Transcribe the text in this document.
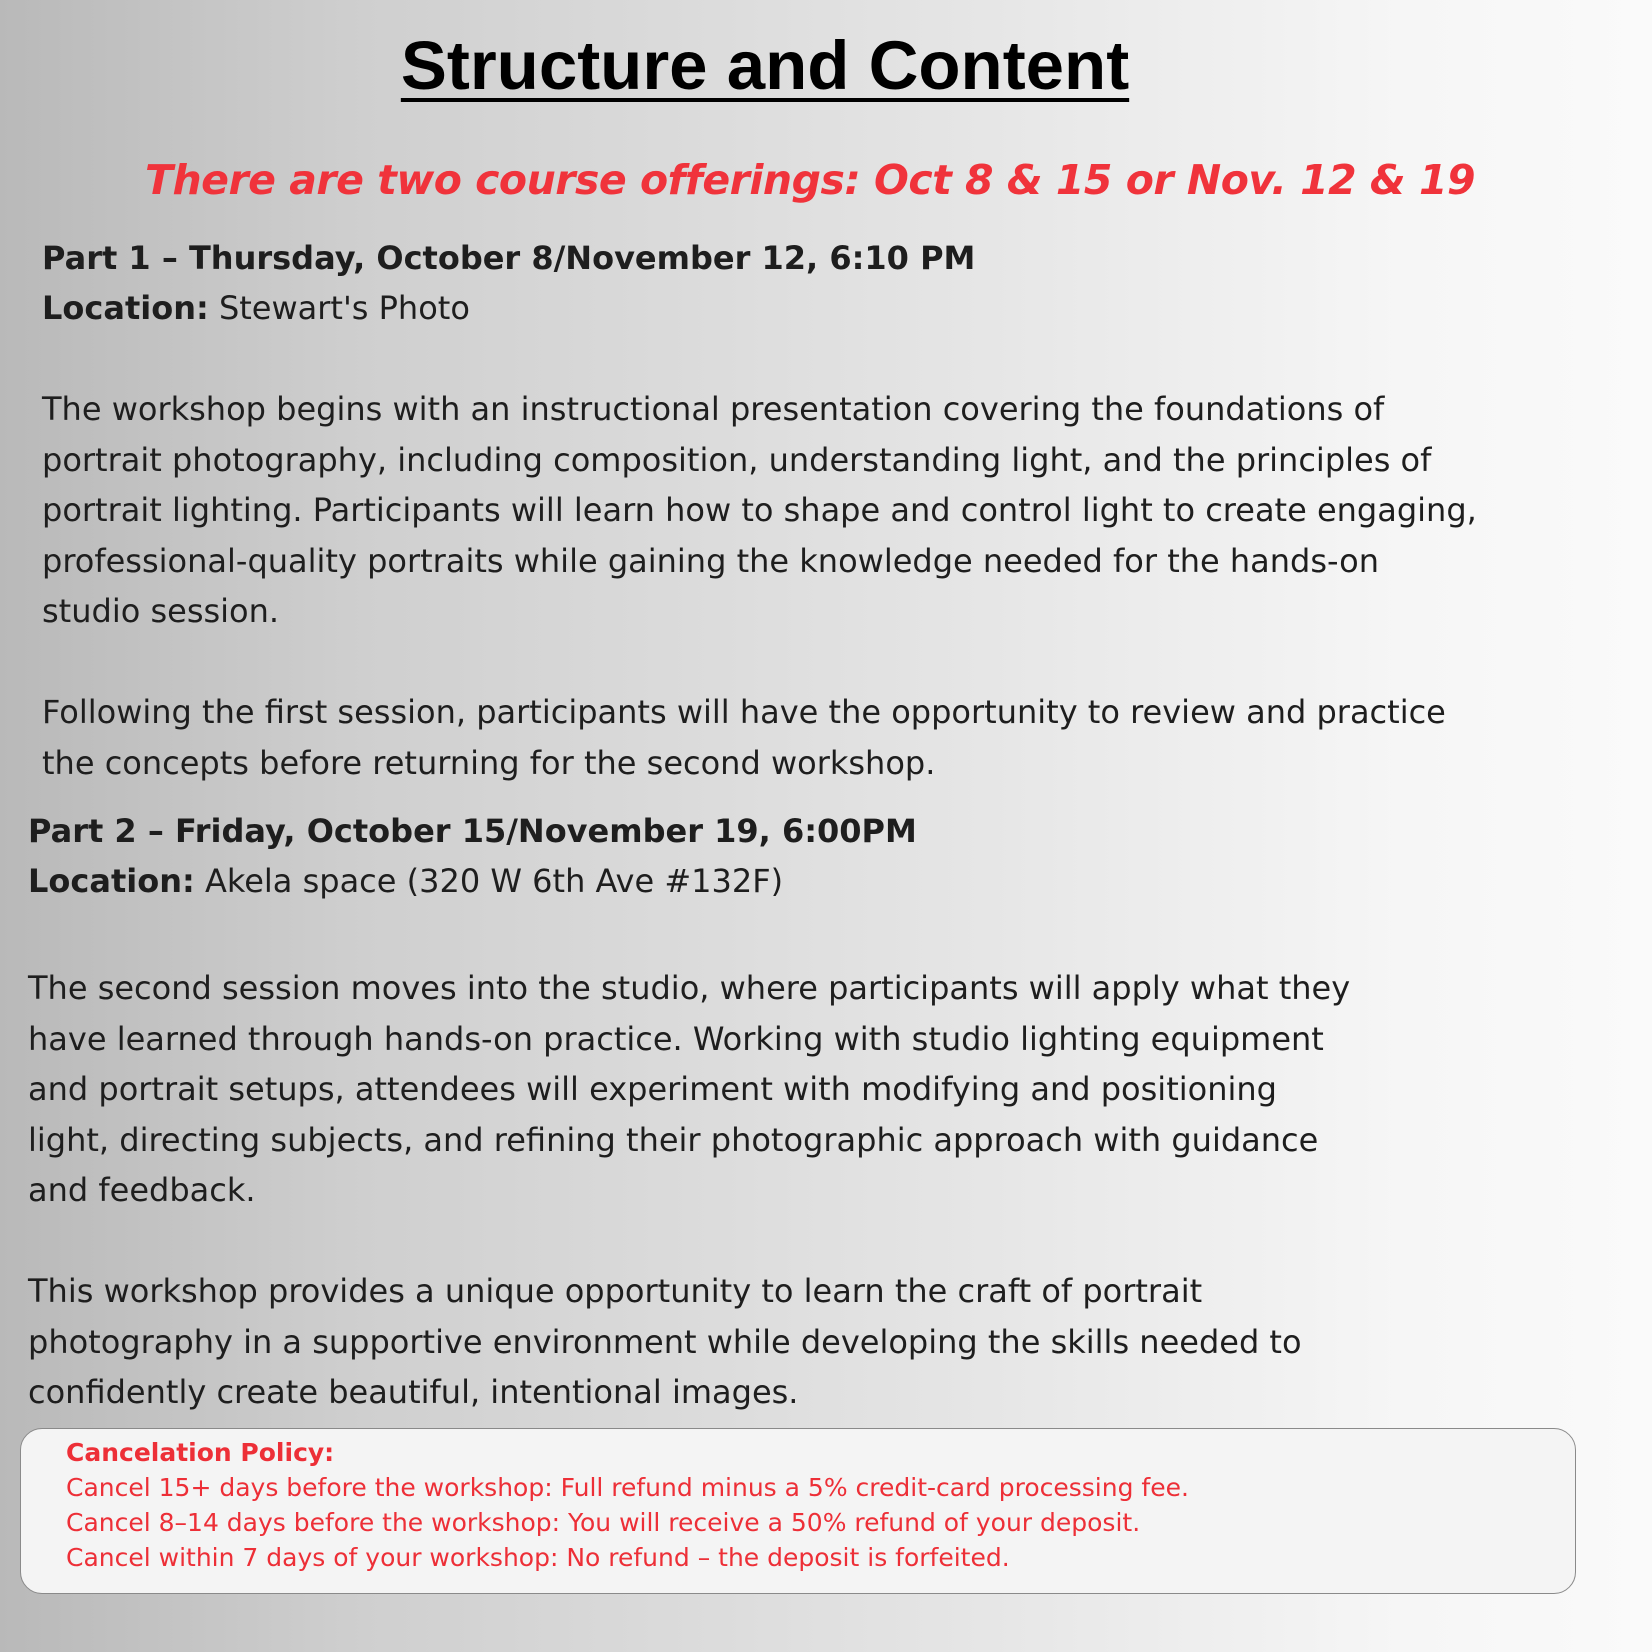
Structure and Content
There are two course offerings: Oct 8 & 15 or Nov. 12 & 19
Part 1 – Thursday, October 8/November 12, 6:10 PM
Location: Stewart's Photo
The workshop begins with an instructional presentation covering the foundations of
portrait photography, including composition, understanding light, and the principles of
portrait lighting. Participants will learn how to shape and control light to create engaging,
professional-quality portraits while gaining the knowledge needed for the hands-on
studio session.
Following the first session, participants will have the opportunity to review and practice
the concepts before returning for the second workshop.
Part 2 – Friday, October 15/November 19, 6:00PM
Location: Akela space (320 W 6th Ave #132F)
The second session moves into the studio, where participants will apply what they
have learned through hands-on practice. Working with studio lighting equipment
and portrait setups, attendees will experiment with modifying and positioning
light, directing subjects, and refining their photographic approach with guidance
and feedback.
This workshop provides a unique opportunity to learn the craft of portrait
photography in a supportive environment while developing the skills needed to
confidently create beautiful, intentional images.
Cancelation Policy:
Cancel 15+ days before the workshop: Full refund minus a 5% credit-card processing fee.
Cancel 8–14 days before the workshop: You will receive a 50% refund of your deposit.
Cancel within 7 days of your workshop: No refund – the deposit is forfeited.
